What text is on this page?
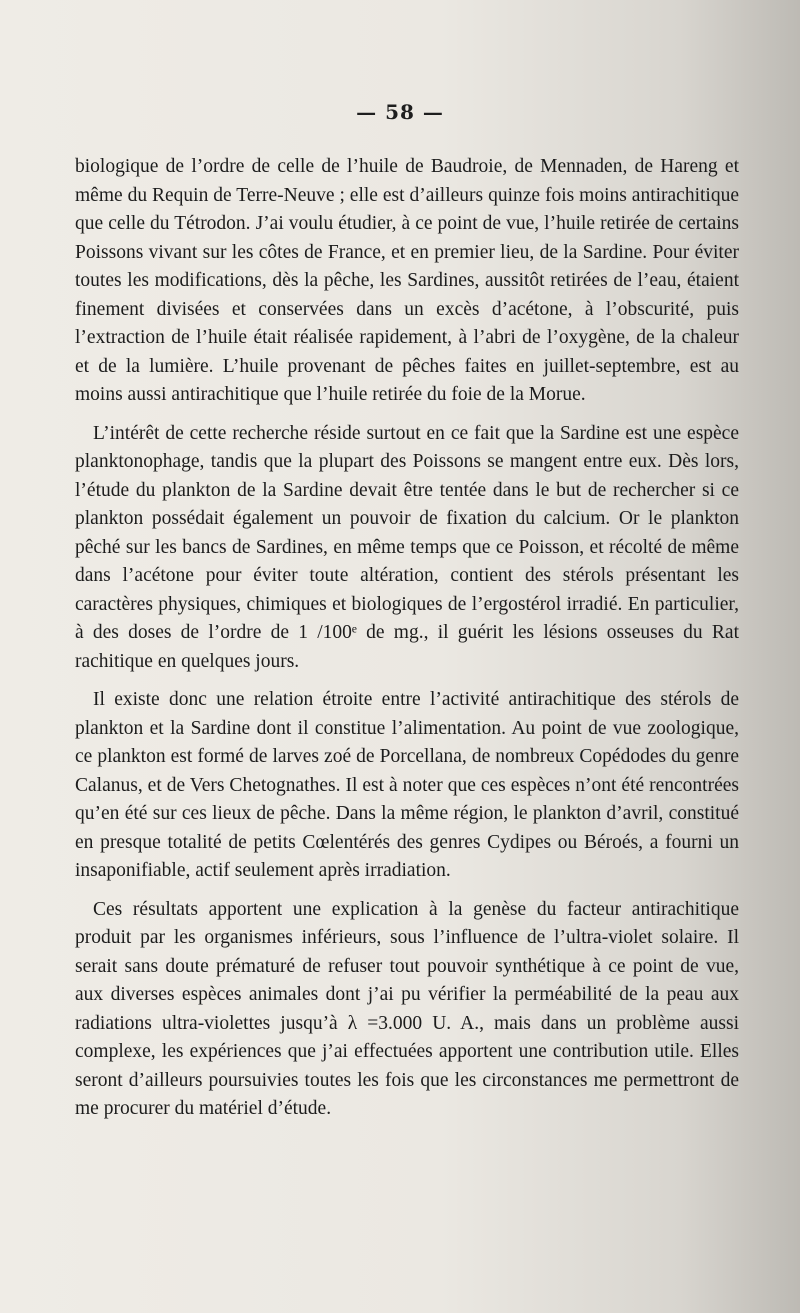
— 58 —

biologique de l’ordre de celle de l’huile de Baudroie, de Mennaden, de Hareng et même du Requin de Terre-Neuve ; elle est d’ailleurs quinze fois moins antirachitique que celle du Tétrodon. J’ai voulu étudier, à ce point de vue, l’huile retirée de certains Poissons vivant sur les côtes de France, et en premier lieu, de la Sardine. Pour éviter toutes les modifications, dès la pêche, les Sardines, aussitôt retirées de l’eau, étaient finement divisées et conservées dans un excès d’acétone, à l’obscurité, puis l’extraction de l’huile était réalisée rapidement, à l’abri de l’oxygène, de la chaleur et de la lumière. L’huile provenant de pêches faites en juillet-septembre, est au moins aussi antirachitique que l’huile retirée du foie de la Morue.

L’intérêt de cette recherche réside surtout en ce fait que la Sardine est une espèce planktonophage, tandis que la plupart des Poissons se mangent entre eux. Dès lors, l’étude du plankton de la Sardine devait être tentée dans le but de rechercher si ce plankton possédait également un pouvoir de fixation du calcium. Or le plankton pêché sur les bancs de Sardines, en même temps que ce Poisson, et récolté de même dans l’acétone pour éviter toute altération, contient des stérols présentant les caractères physiques, chimiques et biologiques de l’ergostérol irradié. En particulier, à des doses de l’ordre de 1 /100ᵉ de mg., il guérit les lésions osseuses du Rat rachitique en quelques jours.

Il existe donc une relation étroite entre l’activité antirachitique des stérols de plankton et la Sardine dont il constitue l’alimentation. Au point de vue zoologique, ce plankton est formé de larves zoé de Porcellana, de nombreux Copédodes du genre Calanus, et de Vers Chetognathes. Il est à noter que ces espèces n’ont été rencontrées qu’en été sur ces lieux de pêche. Dans la même région, le plankton d’avril, constitué en presque totalité de petits Cœlentérés des genres Cydipes ou Béroés, a fourni un insaponifiable, actif seulement après irradiation.

Ces résultats apportent une explication à la genèse du facteur antirachitique produit par les organismes inférieurs, sous l’influence de l’ultra-violet solaire. Il serait sans doute prématuré de refuser tout pouvoir synthétique à ce point de vue, aux diverses espèces animales dont j’ai pu vérifier la perméabilité de la peau aux radiations ultra-violettes jusqu’à λ =3.000 U. A., mais dans un problème aussi complexe, les expériences que j’ai effectuées apportent une contribution utile. Elles seront d’ailleurs poursuivies toutes les fois que les circonstances me permettront de me procurer du matériel d’étude.
